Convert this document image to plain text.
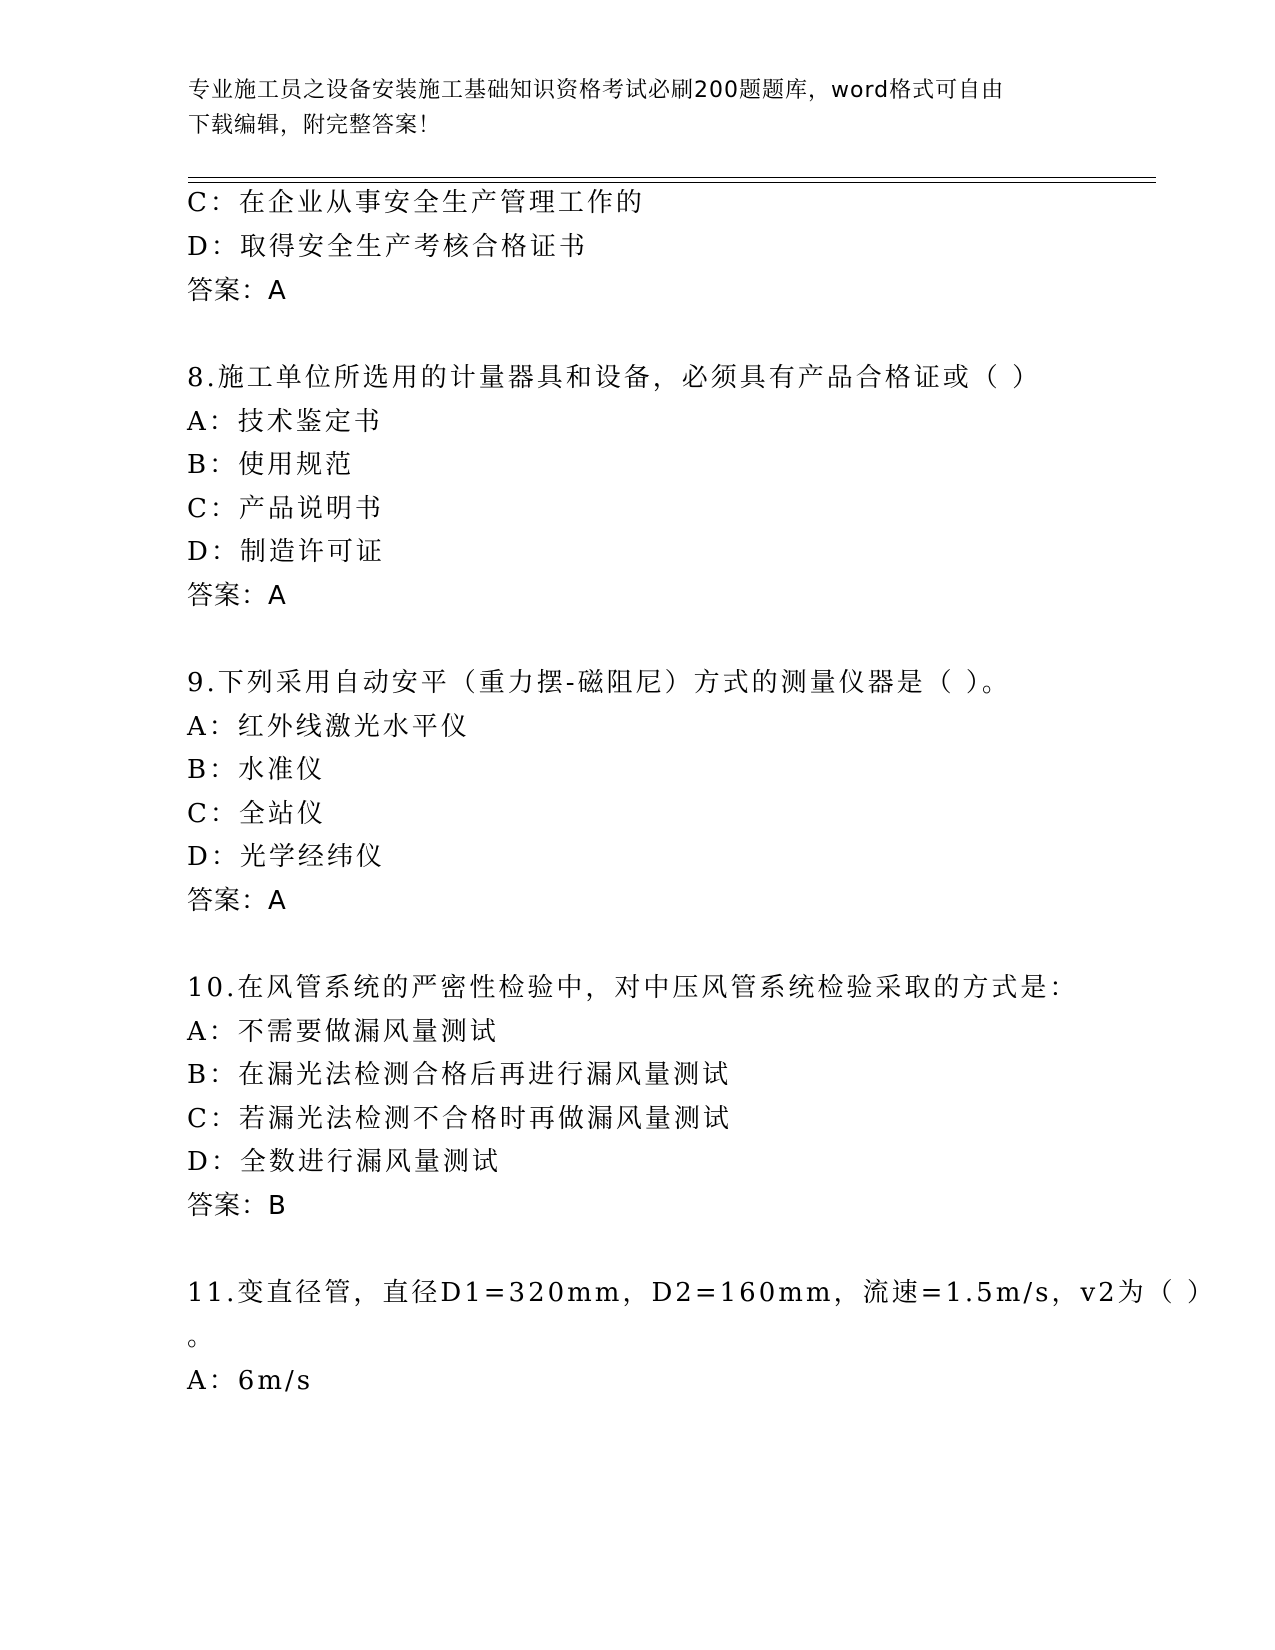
专业施工员之设备安装施工基础知识资格考试必刷200题题库，word格式可自由
下载编辑，附完整答案！
C：在企业从事安全生产管理工作的
D：取得安全生产考核合格证书
答案：A
8.施工单位所选用的计量器具和设备，必须具有产品合格证或（ ）
A：技术鉴定书
B：使用规范
C：产品说明书
D：制造许可证
答案：A
9.下列采用自动安平（重力摆-磁阻尼）方式的测量仪器是（ ）。
A：红外线激光水平仪
B：水准仪
C：全站仪
D：光学经纬仪
答案：A
10.在风管系统的严密性检验中，对中压风管系统检验采取的方式是：
A：不需要做漏风量测试
B：在漏光法检测合格后再进行漏风量测试
C：若漏光法检测不合格时再做漏风量测试
D：全数进行漏风量测试
答案：B
11.变直径管，直径D1=320mm，D2=160mm，流速=1.5m/s，v2为（ ）
。
A：6m/s
